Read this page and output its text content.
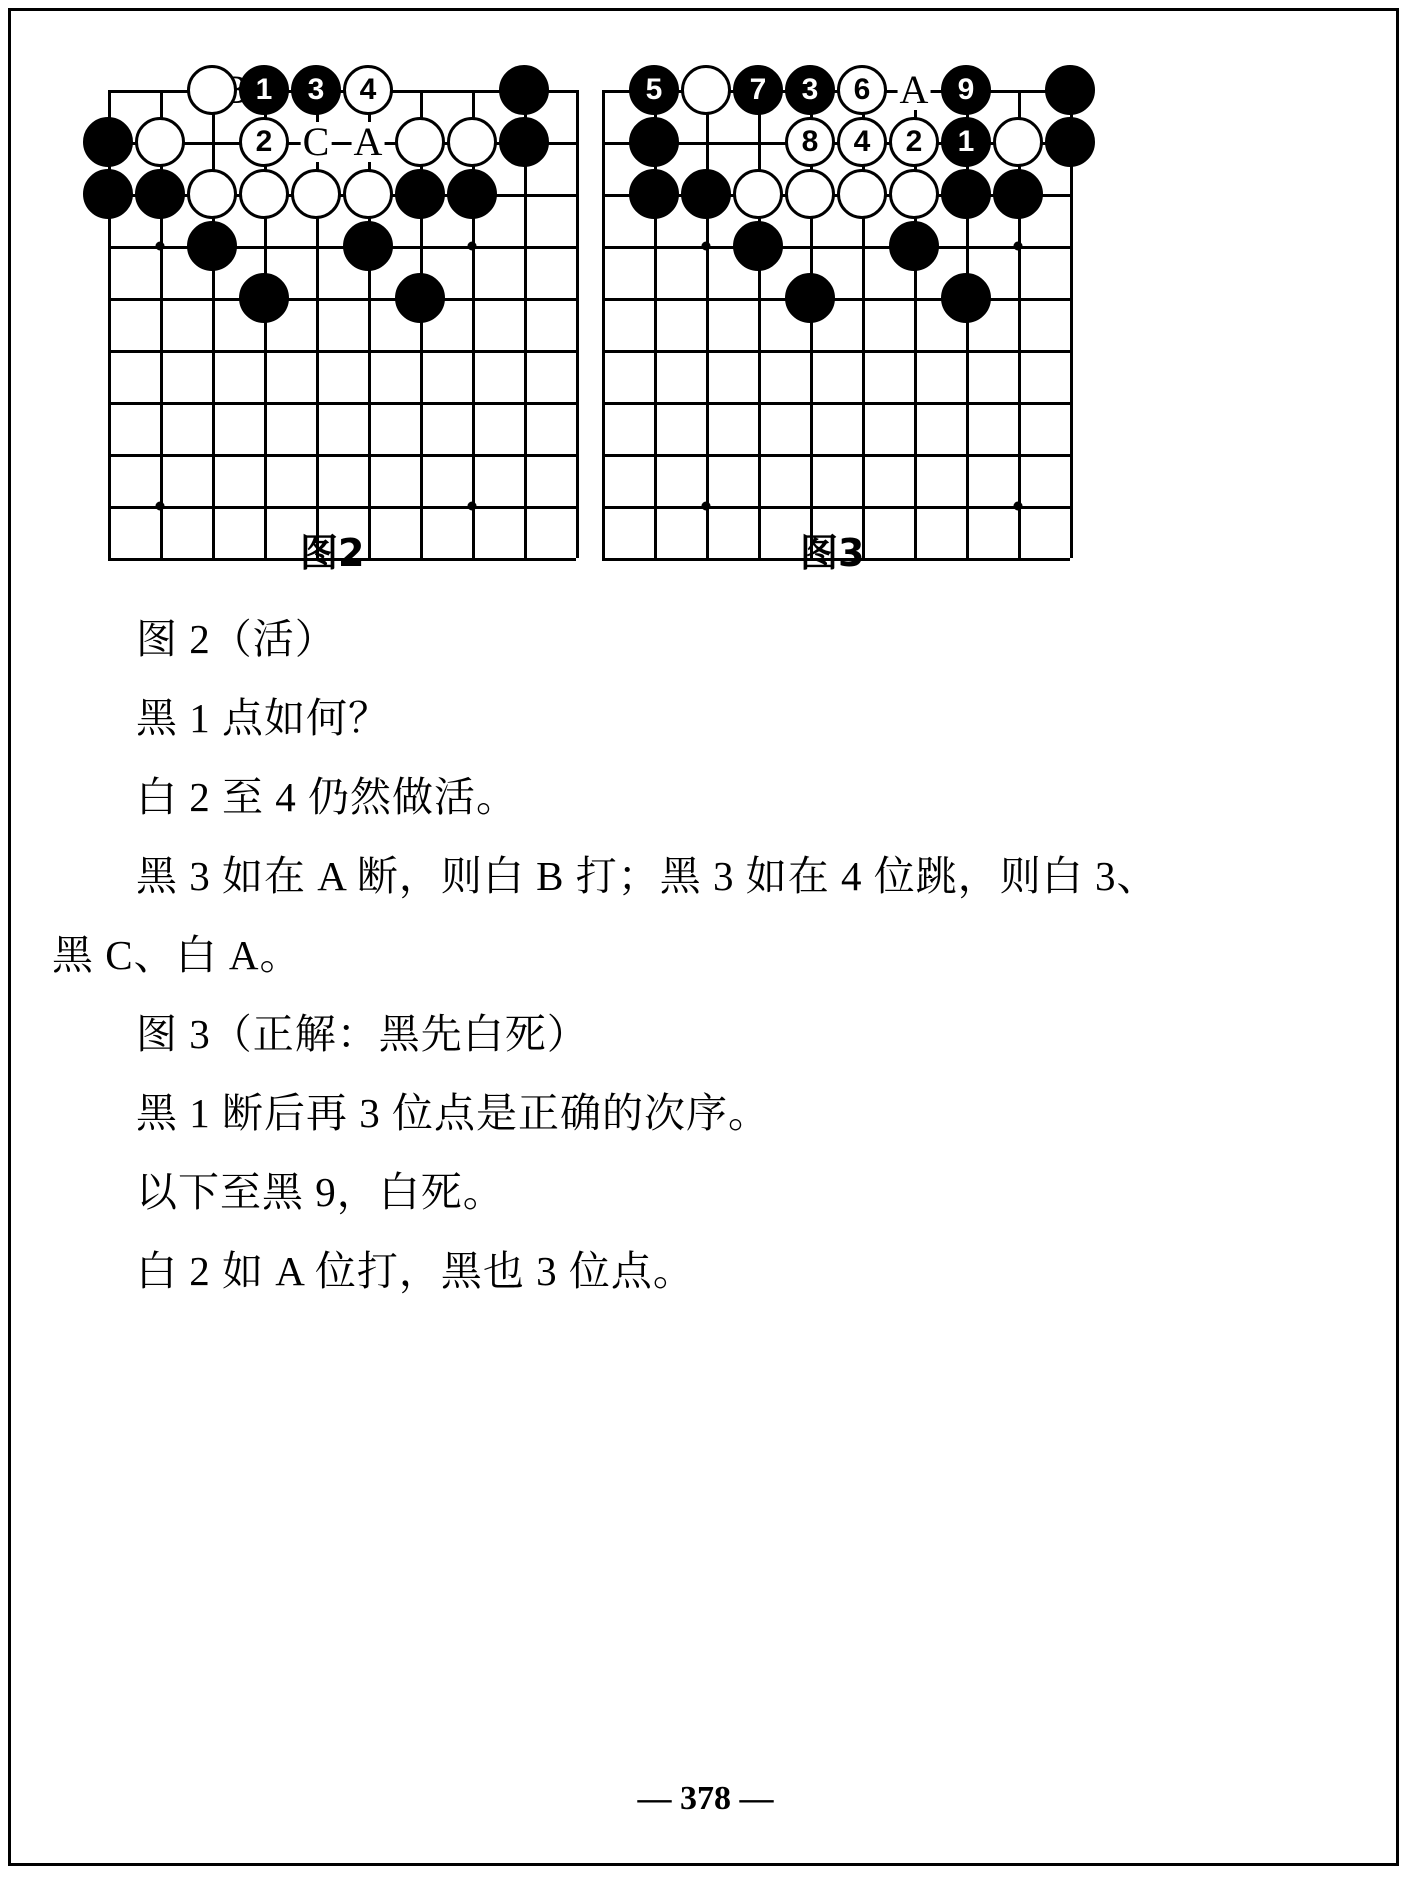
C A
4
2
1	3	A
6
8	4	2
5	7	3	9
1
图2	图3

图 2（活）

黑 1 点如何？

白 2 至 4 仍然做活。

黑 3 如在 A 断，则白 B 打；黑 3 如在 4 位跳，则白 3、

黑 C、白 A。

图 3（正解：黑先白死）

黑 1 断后再 3 位点是正确的次序。

以下至黑 9，白死。

白 2 如 A 位打，黑也 3 位点。

— 378 —
